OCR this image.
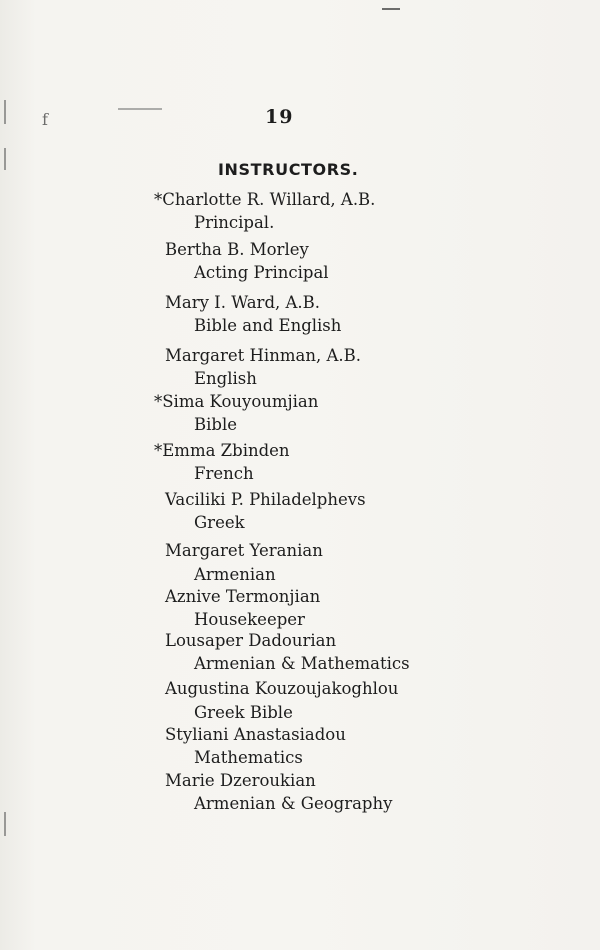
f	19
INSTRUCTORS.
*Charlotte R. Willard, A.B.
Principal.
Bertha B. Morley
Acting Principal
Mary I. Ward, A.B.
Bible and English
Margaret Hinman, A.B.
English
*Sima Kouyoumjian
Bible
*Emma Zbinden
French
Vaciliki P. Philadelphevs
Greek
Margaret Yeranian
Armenian
Aznive Termonjian
Housekeeper
Lousaper Dadourian
Armenian & Mathematics
Augustina Kouzoujakoghlou
Greek Bible
Styliani Anastasiadou
Mathematics
Marie Dzeroukian
Armenian & Geography
